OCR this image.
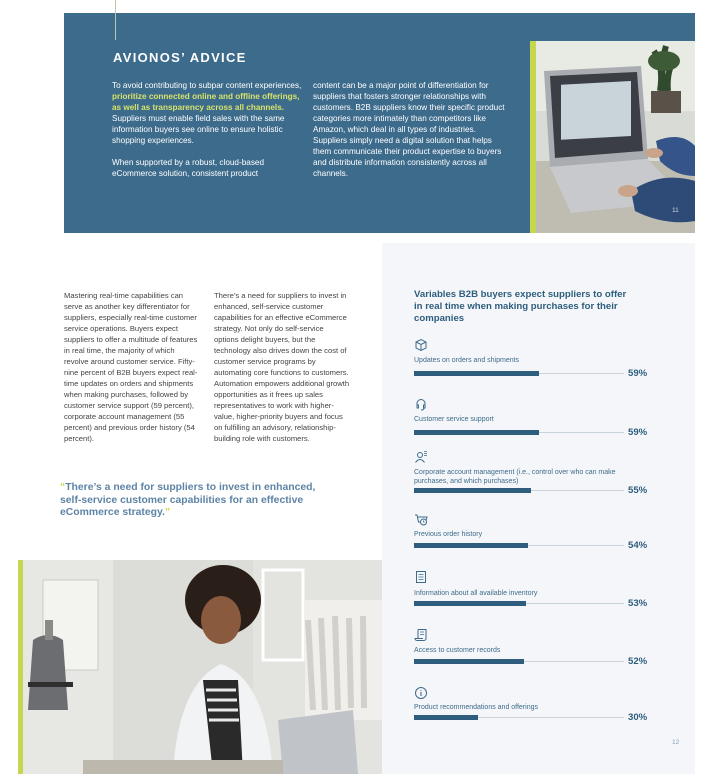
AVIONOS’ ADVICE

To avoid contributing to subpar content experiences, prioritize connected online and offline offerings, as well as transparency across all channels. Suppliers must enable field sales with the same information buyers see online to ensure holistic shopping experiences.

When supported by a robust, cloud-based eCommerce solution, consistent product

content can be a major point of differentiation for suppliers that fosters stronger relationships with customers. B2B suppliers know their specific product categories more intimately than competitors like Amazon, which deal in all types of industries. Suppliers simply need a digital solution that helps them communicate their product expertise to buyers and distribute information consistently across all channels.
11
Mastering real-time capabilities can serve as another key differentiator for suppliers, especially real-time customer service operations. Buyers expect suppliers to offer a multitude of features in real time, the majority of which revolve around customer service. Fifty-nine percent of B2B buyers expect real-time updates on orders and shipments when making purchases, followed by customer service support (59 percent), corporate account management (55 percent) and previous order history (54 percent).
There’s a need for suppliers to invest in enhanced, self-service customer capabilities for an effective eCommerce strategy. Not only do self-service options delight buyers, but the technology also drives down the cost of customer service programs by automating core functions to customers. Automation empowers additional growth opportunities as it frees up sales representatives to work with higher-value, higher-priority buyers and focus on fulfilling an advisory, relationship-building role with customers.
“There’s a need for suppliers to invest in enhanced, self-service customer capabilities for an effective eCommerce strategy.”
Variables B2B buyers expect suppliers to offer in real time when making purchases for their companies
Updates on orders and shipments
Customer service support
Corporate account management (i.e., control over who can make purchases, and which purchases)
Previous order history
Information about all available inventory
Access to customer records
Product recommendations and offerings
59%
59%
55%
54%
53%
52%
30%
12
